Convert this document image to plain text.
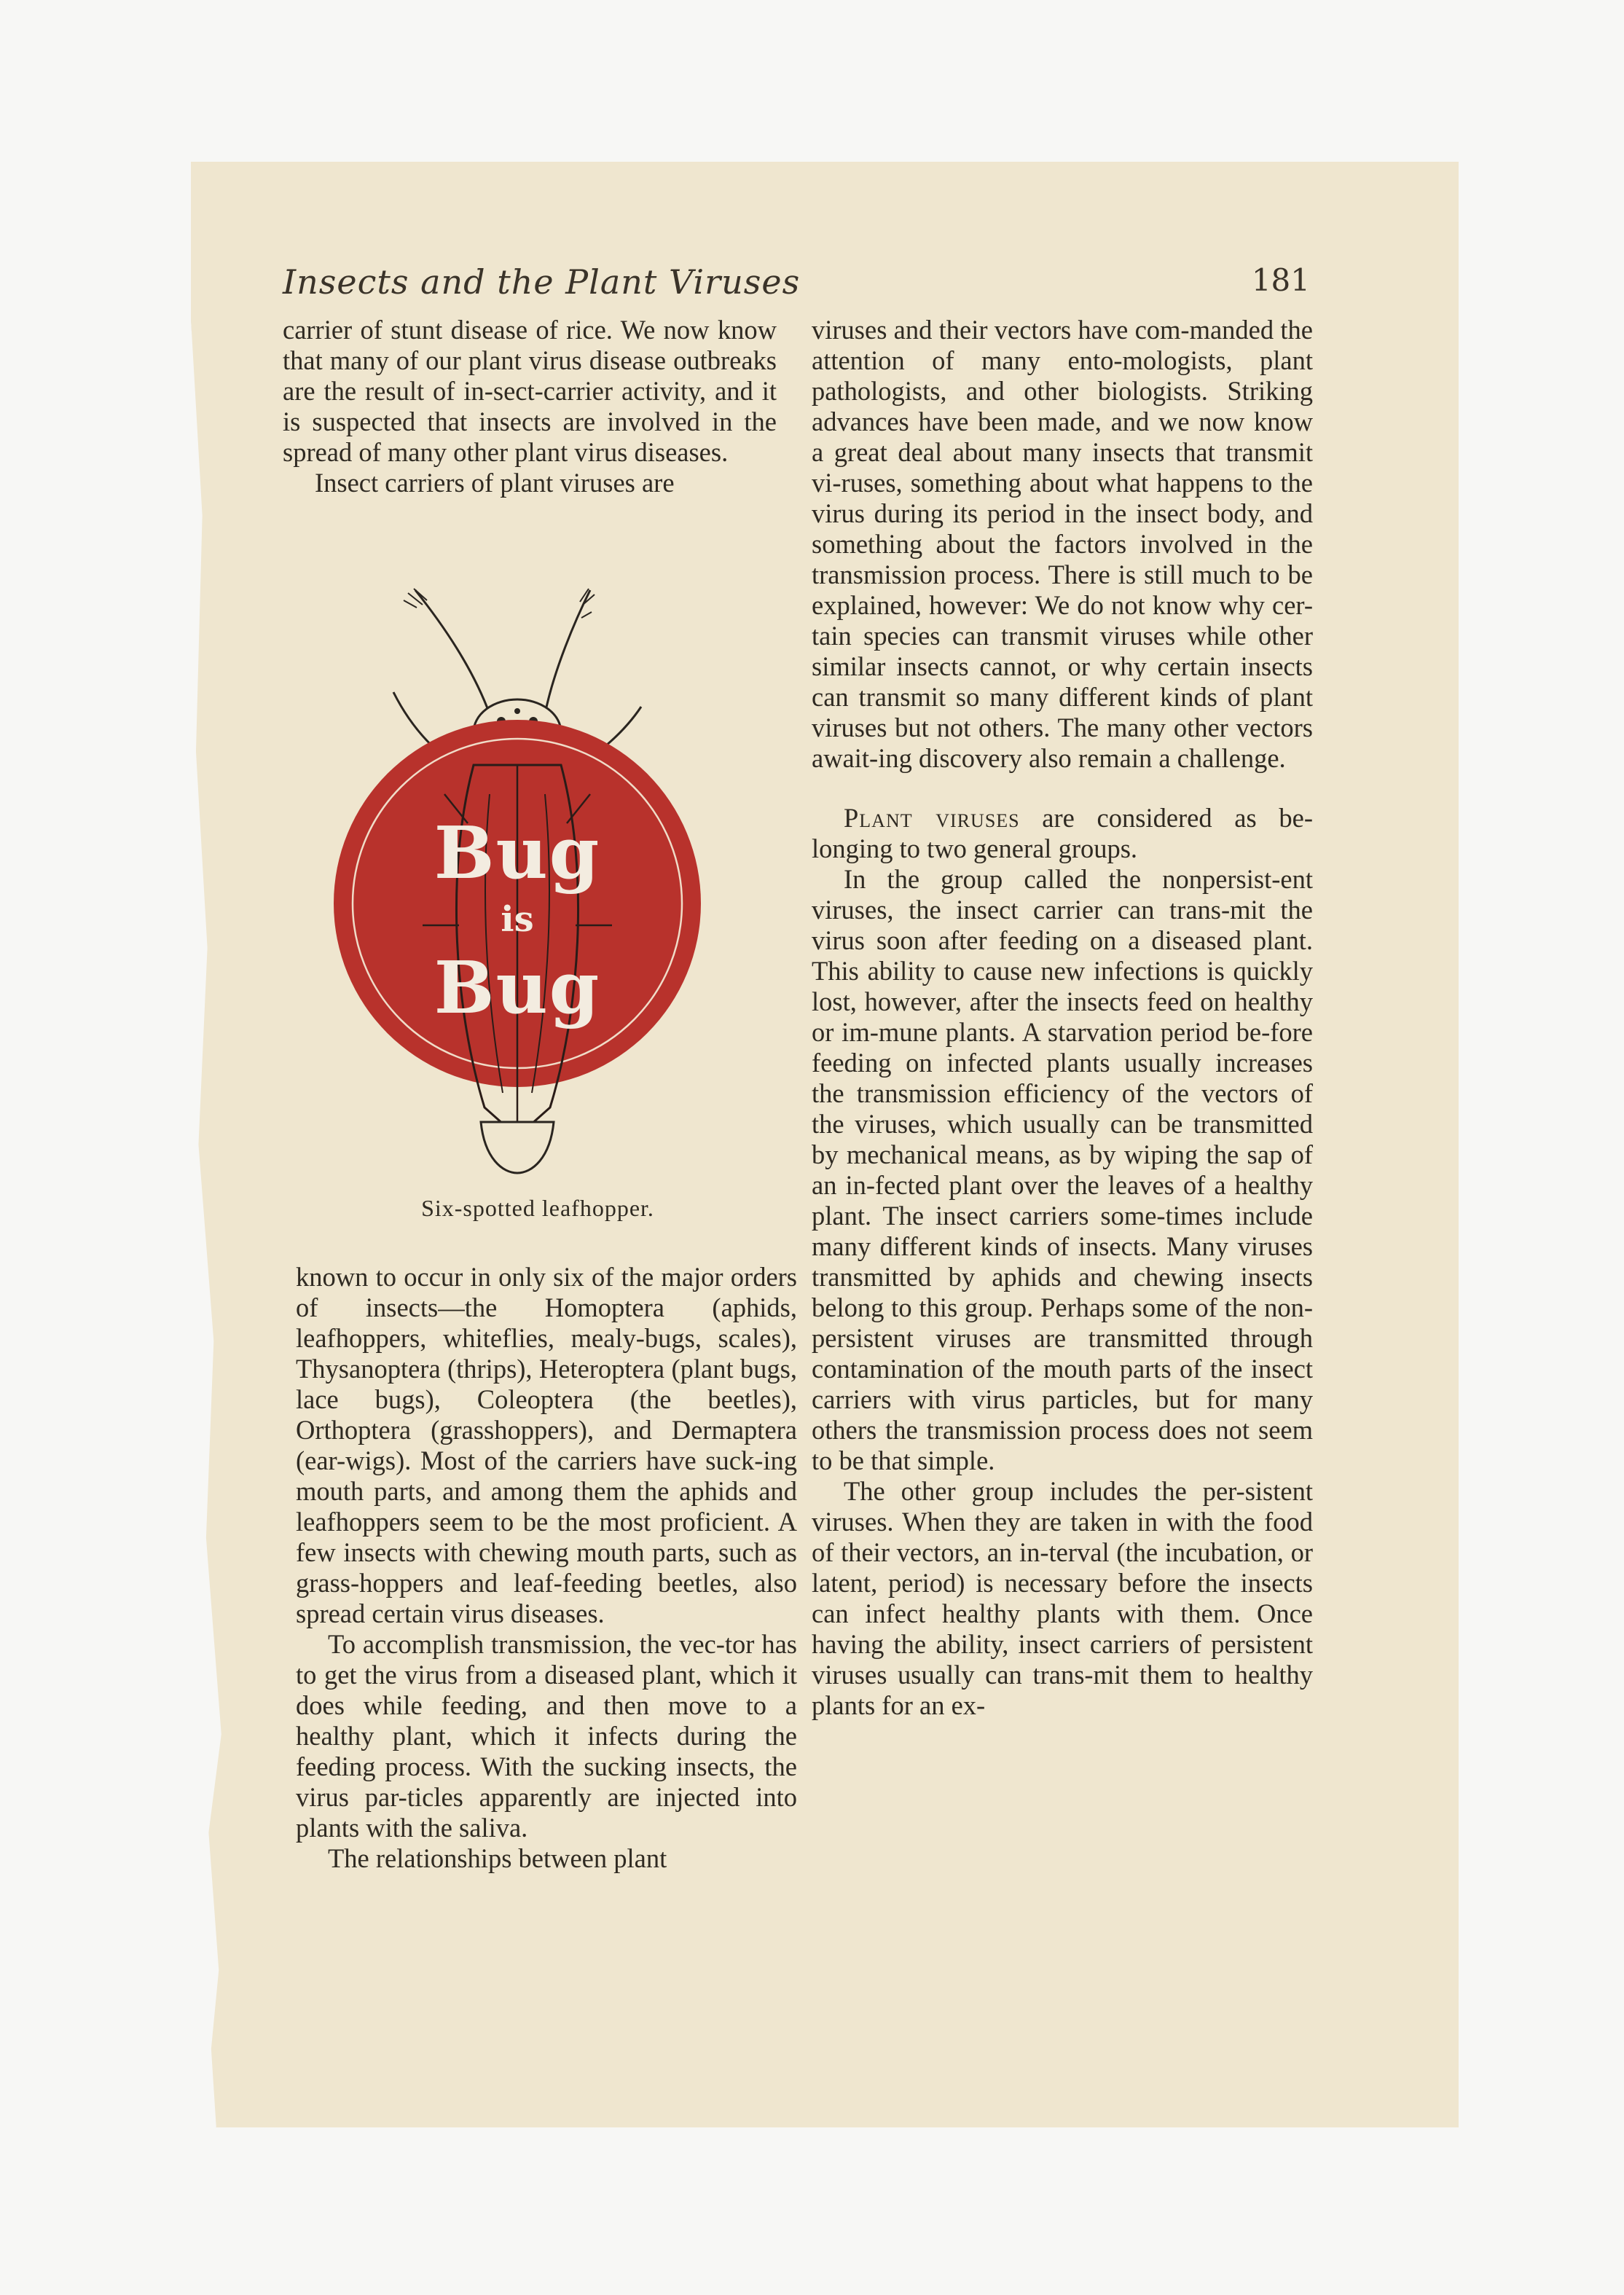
Insects and the Plant Viruses	181

carrier of stunt disease of rice. We now know that many of our plant virus disease outbreaks are the result of in-sect-carrier activity, and it is suspected that insects are involved in the spread of many other plant virus diseases.

Insect carriers of plant viruses are

Bug
is
Bug
Six-spotted leafhopper.

known to occur in only six of the major orders of insects—the Homoptera (aphids, leafhoppers, whiteflies, mealy-bugs, scales), Thysanoptera (thrips), Heteroptera (plant bugs, lace bugs), Coleoptera (the beetles), Orthoptera (grasshoppers), and Dermaptera (ear-wigs). Most of the carriers have suck-ing mouth parts, and among them the aphids and leafhoppers seem to be the most proficient. A few insects with chewing mouth parts, such as grass-hoppers and leaf-feeding beetles, also spread certain virus diseases.

To accomplish transmission, the vec-tor has to get the virus from a diseased plant, which it does while feeding, and then move to a healthy plant, which it infects during the feeding process. With the sucking insects, the virus par-ticles apparently are injected into plants with the saliva.

The relationships between plant

viruses and their vectors have com-manded the attention of many ento-mologists, plant pathologists, and other biologists. Striking advances have been made, and we now know a great deal about many insects that transmit vi-ruses, something about what happens to the virus during its period in the insect body, and something about the factors involved in the transmission process. There is still much to be explained, however: We do not know why cer-tain species can transmit viruses while other similar insects cannot, or why certain insects can transmit so many different kinds of plant viruses but not others. The many other vectors await-ing discovery also remain a challenge.

Plant viruses are considered as be-longing to two general groups.

In the group called the nonpersist-ent viruses, the insect carrier can trans-mit the virus soon after feeding on a diseased plant. This ability to cause new infections is quickly lost, however, after the insects feed on healthy or im-mune plants. A starvation period be-fore feeding on infected plants usually increases the transmission efficiency of the vectors of the viruses, which usually can be transmitted by mechanical means, as by wiping the sap of an in-fected plant over the leaves of a healthy plant. The insect carriers some-times include many different kinds of insects. Many viruses transmitted by aphids and chewing insects belong to this group. Perhaps some of the non-persistent viruses are transmitted through contamination of the mouth parts of the insect carriers with virus particles, but for many others the transmission process does not seem to be that simple.

The other group includes the per-sistent viruses. When they are taken in with the food of their vectors, an in-terval (the incubation, or latent, period) is necessary before the insects can infect healthy plants with them. Once having the ability, insect carriers of persistent viruses usually can trans-mit them to healthy plants for an ex-
